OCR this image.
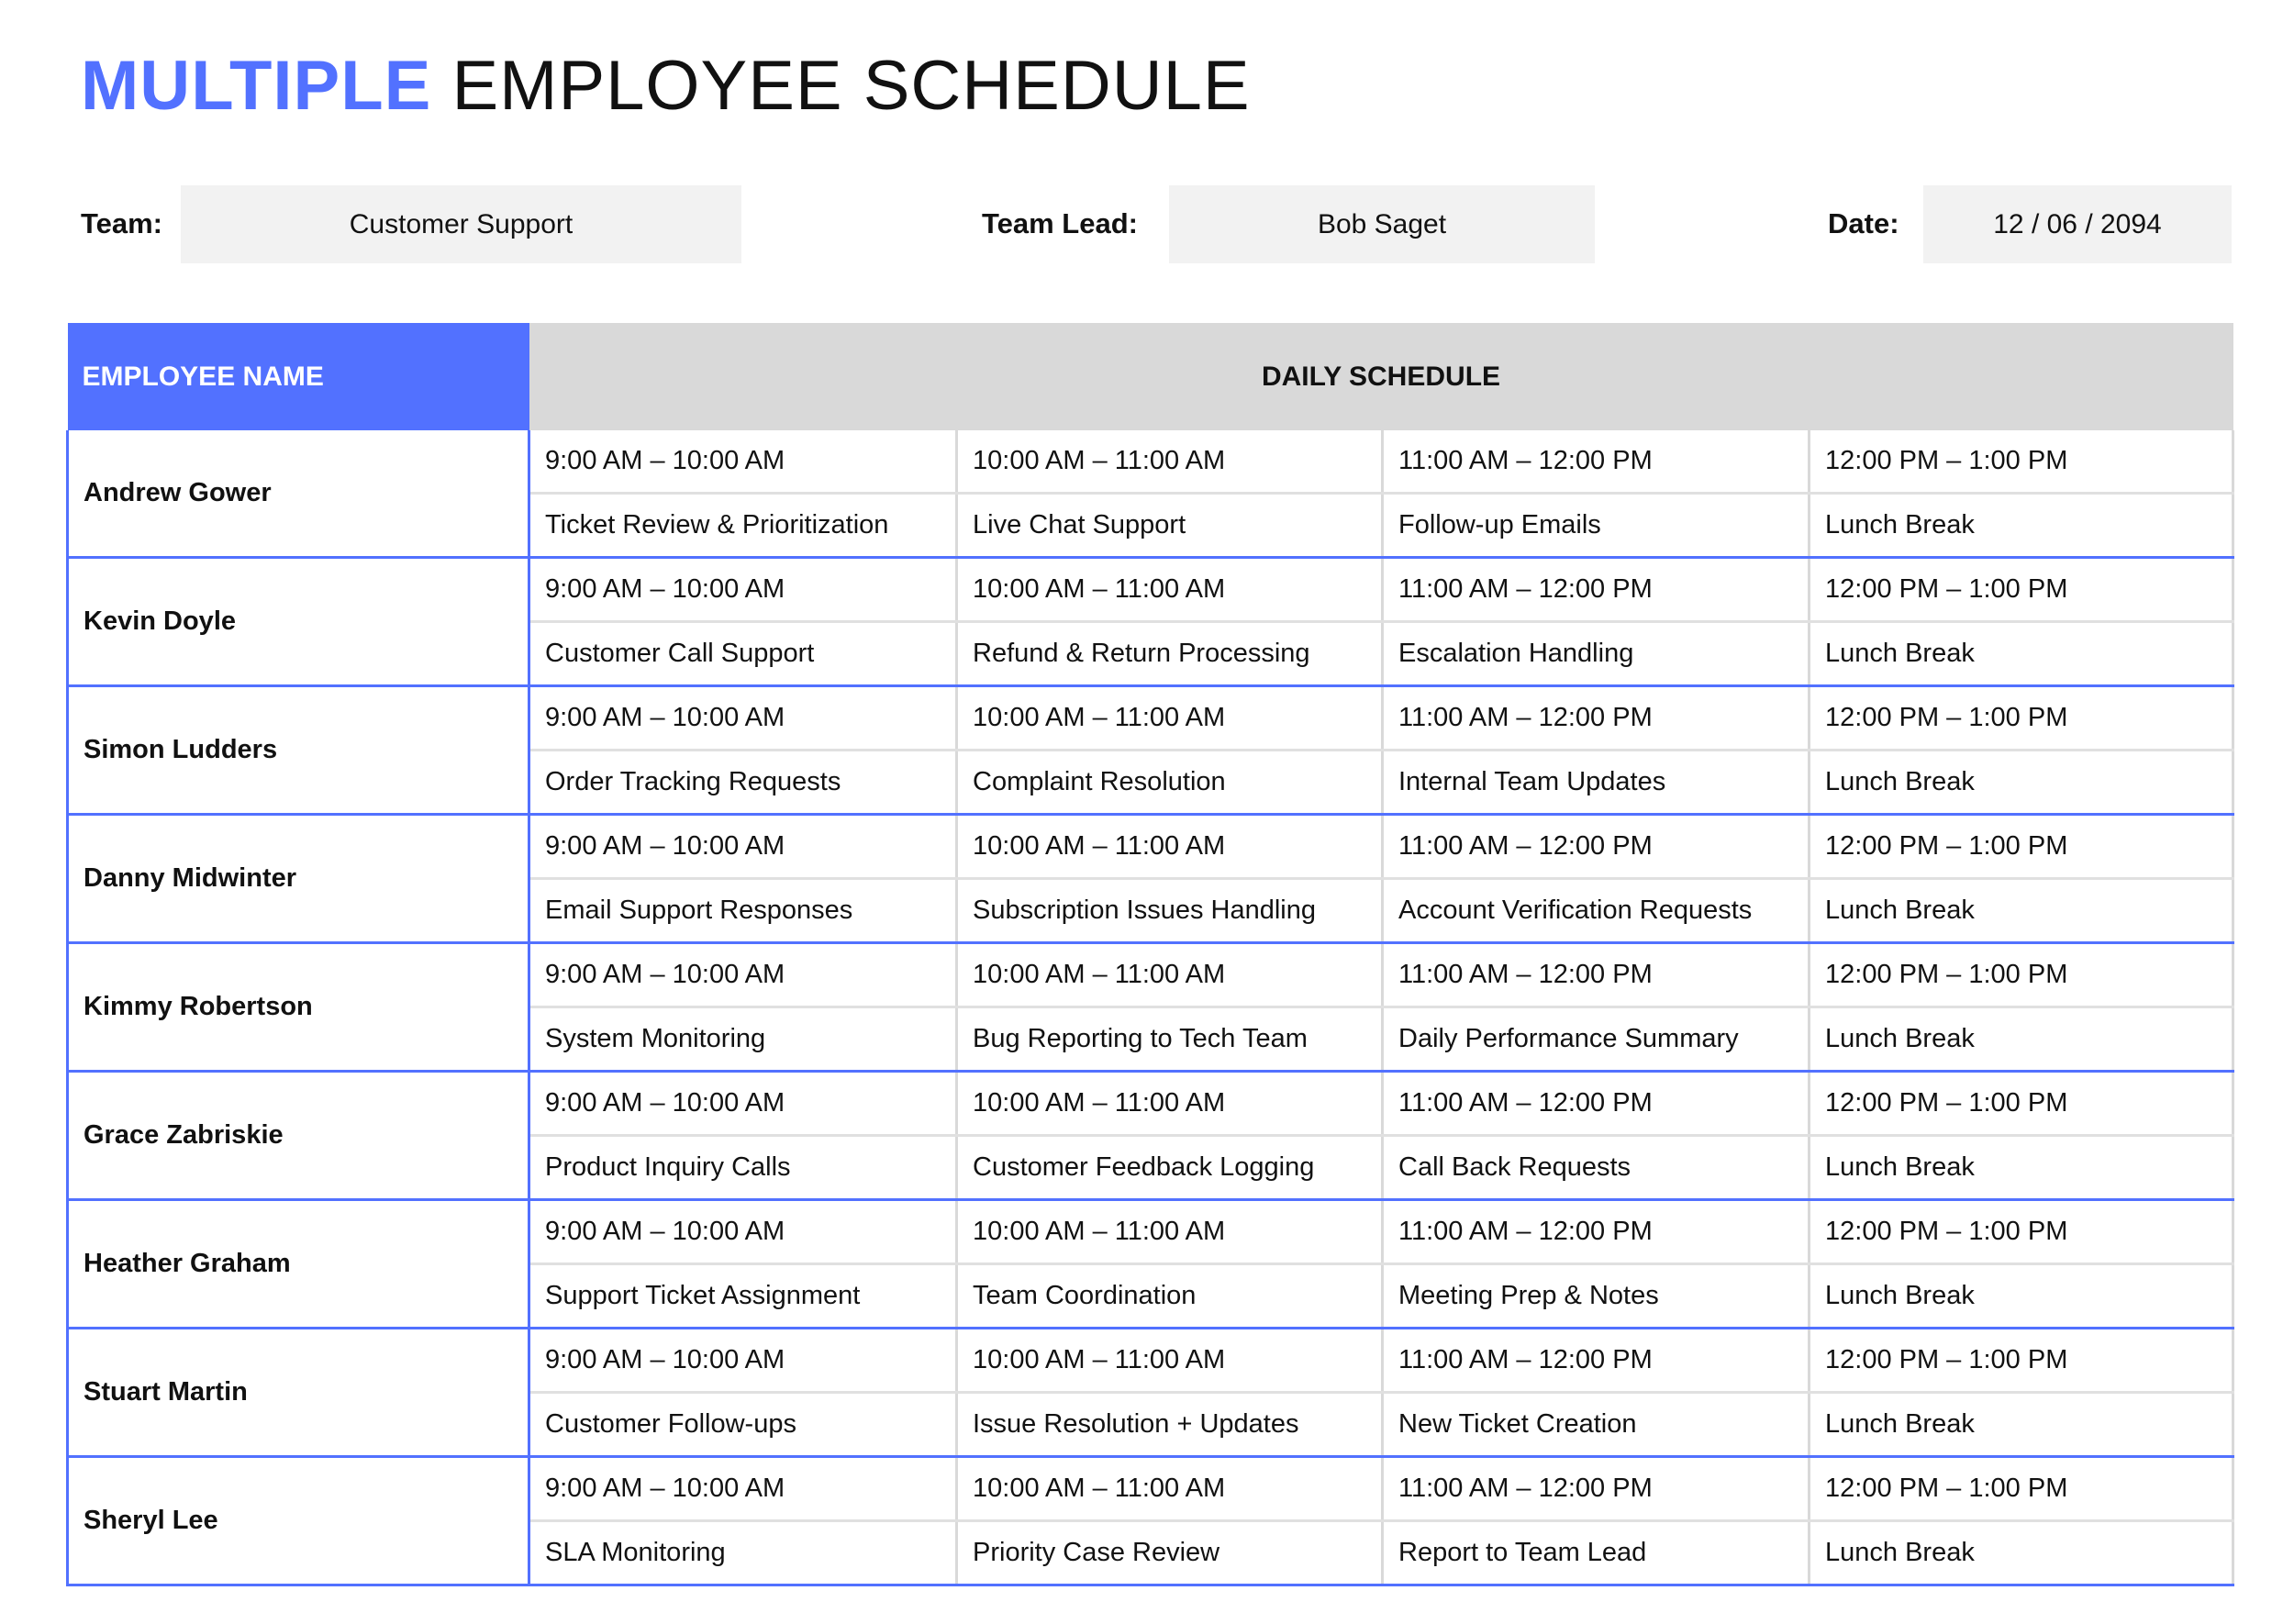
MULTIPLE EMPLOYEE SCHEDULE
Team:	Customer Support	Team Lead:	Bob Saget	Date:	12 / 06 / 2094
EMPLOYEE NAME	DAILY SCHEDULE			
Andrew Gower	9:00 AM – 10:00 AM	10:00 AM – 11:00 AM	11:00 AM – 12:00 PM	12:00 PM – 1:00 PM
	Ticket Review & Prioritization	Live Chat Support	Follow-up Emails	Lunch Break
Kevin Doyle	9:00 AM – 10:00 AM	10:00 AM – 11:00 AM	11:00 AM – 12:00 PM	12:00 PM – 1:00 PM
	Customer Call Support	Refund & Return Processing	Escalation Handling	Lunch Break
Simon Ludders	9:00 AM – 10:00 AM	10:00 AM – 11:00 AM	11:00 AM – 12:00 PM	12:00 PM – 1:00 PM
	Order Tracking Requests	Complaint Resolution	Internal Team Updates	Lunch Break
Danny Midwinter	9:00 AM – 10:00 AM	10:00 AM – 11:00 AM	11:00 AM – 12:00 PM	12:00 PM – 1:00 PM
	Email Support Responses	Subscription Issues Handling	Account Verification Requests	Lunch Break
Kimmy Robertson	9:00 AM – 10:00 AM	10:00 AM – 11:00 AM	11:00 AM – 12:00 PM	12:00 PM – 1:00 PM
	System Monitoring	Bug Reporting to Tech Team	Daily Performance Summary	Lunch Break
Grace Zabriskie	9:00 AM – 10:00 AM	10:00 AM – 11:00 AM	11:00 AM – 12:00 PM	12:00 PM – 1:00 PM
	Product Inquiry Calls	Customer Feedback Logging	Call Back Requests	Lunch Break
Heather Graham	9:00 AM – 10:00 AM	10:00 AM – 11:00 AM	11:00 AM – 12:00 PM	12:00 PM – 1:00 PM
	Support Ticket Assignment	Team Coordination	Meeting Prep & Notes	Lunch Break
Stuart Martin	9:00 AM – 10:00 AM	10:00 AM – 11:00 AM	11:00 AM – 12:00 PM	12:00 PM – 1:00 PM
	Customer Follow-ups	Issue Resolution + Updates	New Ticket Creation	Lunch Break
Sheryl Lee	9:00 AM – 10:00 AM	10:00 AM – 11:00 AM	11:00 AM – 12:00 PM	12:00 PM – 1:00 PM
	SLA Monitoring	Priority Case Review	Report to Team Lead	Lunch Break
